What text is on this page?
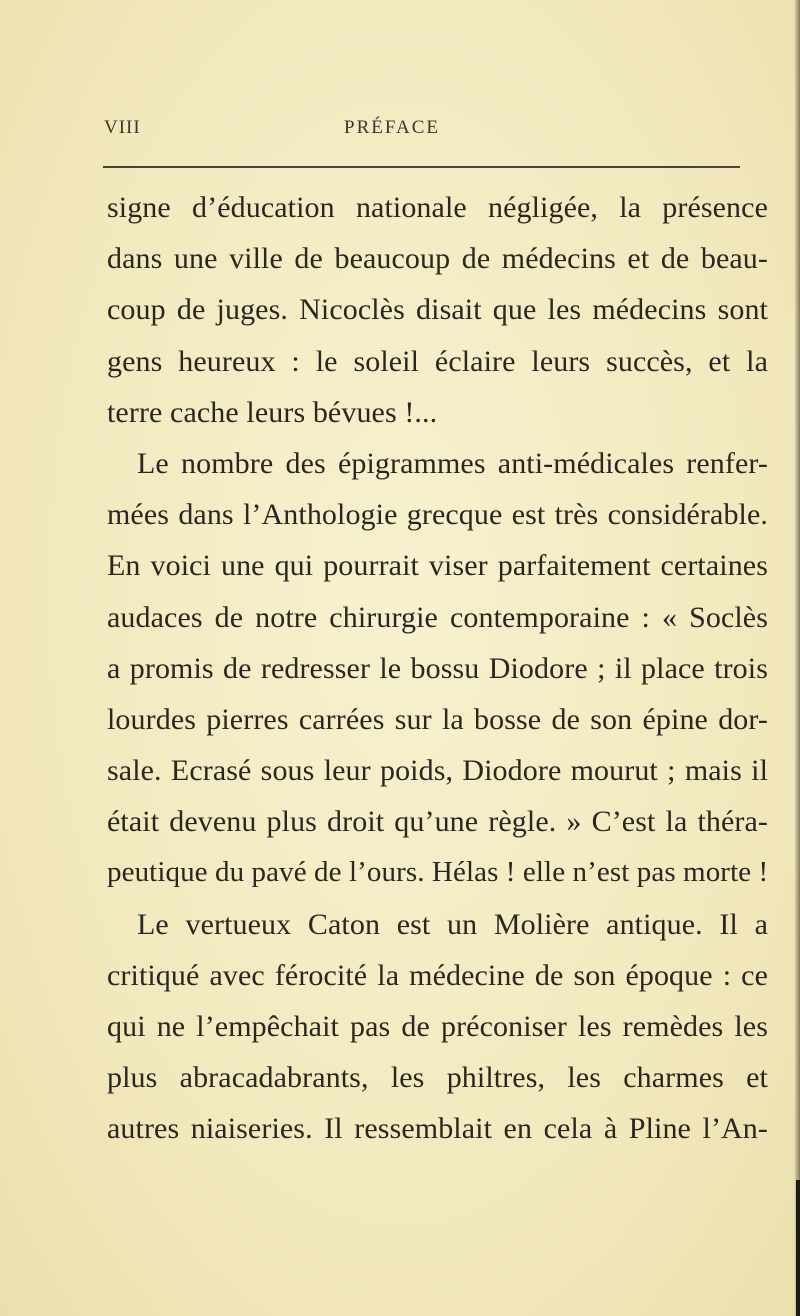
VIII	PRÉFACE
signe d’éducation nationale négligée, la présence
dans une ville de beaucoup de médecins et de beau-
coup de juges. Nicoclès disait que les médecins sont
gens heureux : le soleil éclaire leurs succès, et la
terre cache leurs bévues !...
Le nombre des épigrammes anti-médicales renfer-
mées dans l’Anthologie grecque est très considérable.
En voici une qui pourrait viser parfaitement certaines
audaces de notre chirurgie contemporaine : « Soclès
a promis de redresser le bossu Diodore ; il place trois
lourdes pierres carrées sur la bosse de son épine dor-
sale. Ecrasé sous leur poids, Diodore mourut ; mais il
était devenu plus droit qu’une règle. » C’est la théra-
peutique du pavé de l’ours. Hélas ! elle n’est pas morte !
Le vertueux Caton est un Molière antique. Il a
critiqué avec férocité la médecine de son époque : ce
qui ne l’empêchait pas de préconiser les remèdes les
plus abracadabrants, les philtres, les charmes et
autres niaiseries. Il ressemblait en cela à Pline l’An-
